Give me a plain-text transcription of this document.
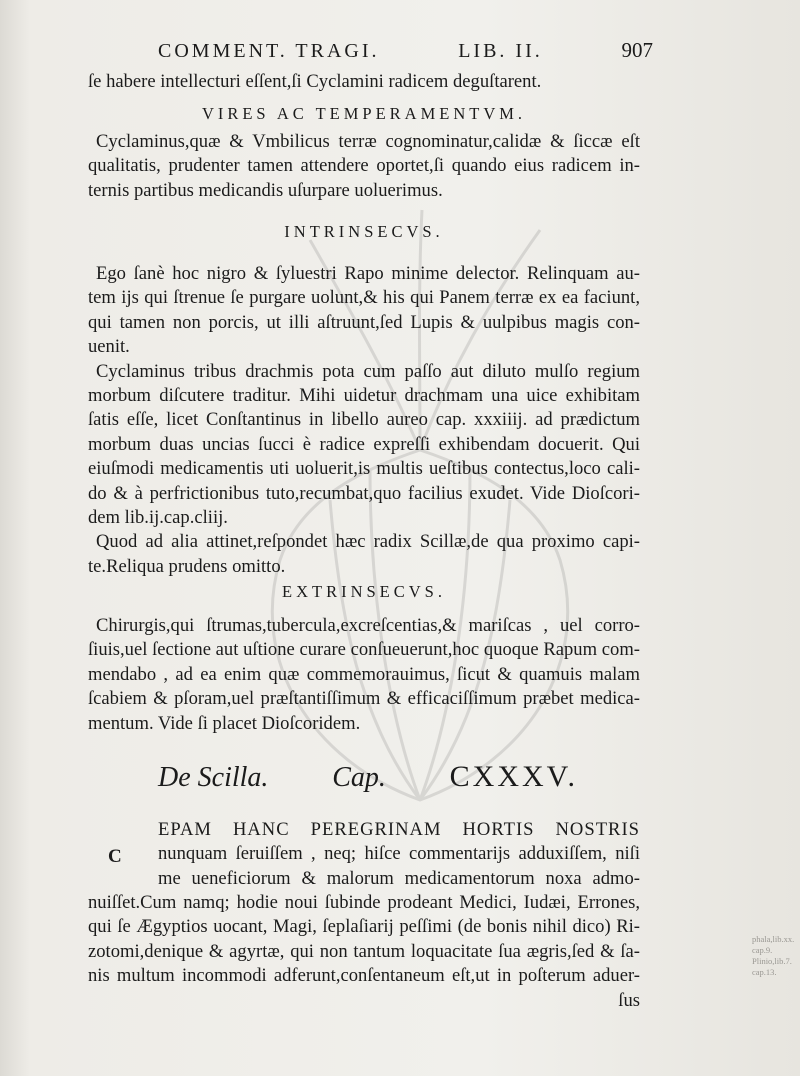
COMMENT. TRAGI.	LIB. II.	907
ſe habere intellecturi eſſent,ſi Cyclamini radicem deguſtarent.
VIRES AC TEMPERAMENTVM.
Cyclaminus,quæ & Vmbilicus terræ cognominatur,calidæ & ſiccæ eſt
qualitatis, prudenter tamen attendere oportet,ſi quando eius radicem in-
ternis partibus medicandis uſurpare uoluerimus.
INTRINSECVS.
Ego ſanè hoc nigro & ſyluestri Rapo minime delector. Relinquam au-
tem ijs qui ſtrenue ſe purgare uolunt,& his qui Panem terræ ex ea faciunt,
qui tamen non porcis, ut illi aſtruunt,ſed Lupis & uulpibus magis con-
uenit.
Cyclaminus tribus drachmis pota cum paſſo aut diluto mulſo regium
morbum diſcutere traditur. Mihi uidetur drachmam una uice exhibitam
ſatis eſſe, licet Conſtantinus in libello aureo cap. xxxiiij. ad prædictum
morbum duas uncias ſucci è radice expreſſi exhibendam docuerit. Qui
eiuſmodi medicamentis uti uoluerit,is multis ueſtibus contectus,loco cali-
do & à perfrictionibus tuto,recumbat,quo facilius exudet. Vide Dioſcori-
dem lib.ij.cap.cliij.
Quod ad alia attinet,reſpondet hæc radix Scillæ,de qua proximo capi-
te.Reliqua prudens omitto.
EXTRINSECVS.
Chirurgis,qui ſtrumas,tubercula,excreſcentias,& mariſcas , uel corro-
ſiuis,uel ſectione aut uſtione curare conſueuerunt,hoc quoque Rapum com-
mendabo , ad ea enim quæ commemorauimus, ſicut & quamuis malam
ſcabiem & pſoram,uel præſtantiſſimum & efficaciſſimum præbet medica-
mentum. Vide ſi placet Dioſcoridem.
De Scilla. Cap. CXXXV.
C
EPAM HANC PEREGRINAM HORTIS NOSTRIS
nunquam ſeruiſſem , neq; hiſce commentarijs adduxiſſem, niſi
me ueneficiorum & malorum medicamentorum noxa admo-
nuiſſet.Cum namq; hodie noui ſubinde prodeant Medici, Iudæi, Errones,
qui ſe Ægyptios uocant, Magi, ſeplaſiarij peſſimi (de bonis nihil dico) Ri-
zotomi,denique & agyrtæ, qui non tantum loquacitate ſua ægris,ſed & ſa-
nis multum incommodi adferunt,conſentaneum eſt,ut in poſterum aduer-
ſus
phala,lib.xx.
cap.9.
Plinio,lib.7.
cap.13.
